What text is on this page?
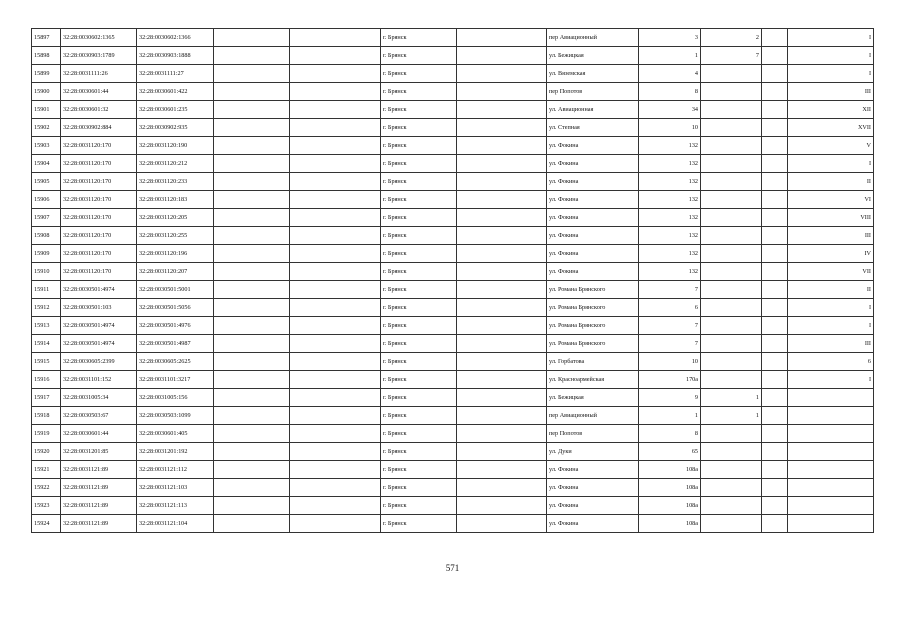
15897	32:28:0030602:1365	32:28:0030602:1366			г. Брянск		пер Авиационный	3	2		I
15898	32:28:0030903:1789	32:28:0030903:1888			г. Брянск		ул. Бежицкая	1	7		I
15899	32:28:0031111:26	32:28:0031111:27			г. Брянск		ул. Вяземская	4			I
15900	32:28:0030601:44	32:28:0030601:422			г. Брянск		пер Попотов	8			III
15901	32:28:0030601:32	32:28:0030601:235			г. Брянск		ул. Авиационная	34			XII
15902	32:28:0030902:884	32:28:0030902:935			г. Брянск		ул. Степная	10			XVII
15903	32:28:0031120:170	32:28:0031120:190			г. Брянск		ул. Фокина	132			V
15904	32:28:0031120:170	32:28:0031120:212			г. Брянск		ул. Фокина	132			I
15905	32:28:0031120:170	32:28:0031120:233			г. Брянск		ул. Фокина	132			II
15906	32:28:0031120:170	32:28:0031120:183			г. Брянск		ул. Фокина	132			VI
15907	32:28:0031120:170	32:28:0031120:205			г. Брянск		ул. Фокина	132			VIII
15908	32:28:0031120:170	32:28:0031120:255			г. Брянск		ул. Фокина	132			III
15909	32:28:0031120:170	32:28:0031120:196			г. Брянск		ул. Фокина	132			IV
15910	32:28:0031120:170	32:28:0031120:207			г. Брянск		ул. Фокина	132			VII
15911	32:28:0030501:4974	32:28:0030501:5001			г. Брянск		ул. Романа Брянского	7			II
15912	32:28:0030501:103	32:28:0030501:5056			г. Брянск		ул. Романа Брянского	6			I
15913	32:28:0030501:4974	32:28:0030501:4976			г. Брянск		ул. Романа Брянского	7			I
15914	32:28:0030501:4974	32:28:0030501:4987			г. Брянск		ул. Романа Брянского	7			III
15915	32:28:0030605:2399	32:28:0030605:2625			г. Брянск		ул. Горбатова	10			6
15916	32:28:0031101:152	32:28:0031101:3217			г. Брянск		ул. Красноармейская	170а			I
15917	32:28:0031005:34	32:28:0031005:156			г. Брянск		ул. Бежицкая	9	1		
15918	32:28:0030503:67	32:28:0030503:1099			г. Брянск		пер Авиационный	1	1		
15919	32:28:0030601:44	32:28:0030601:405			г. Брянск		пер Попотов	8			
15920	32:28:0031201:85	32:28:0031201:192			г. Брянск		ул. Дуки	65			
15921	32:28:0031121:89	32:28:0031121:112			г. Брянск		ул. Фокина	108а			
15922	32:28:0031121:89	32:28:0031121:103			г. Брянск		ул. Фокина	108а			
15923	32:28:0031121:89	32:28:0031121:113			г. Брянск		ул. Фокина	108а			
15924	32:28:0031121:89	32:28:0031121:104			г. Брянск		ул. Фокина	108а			
571
